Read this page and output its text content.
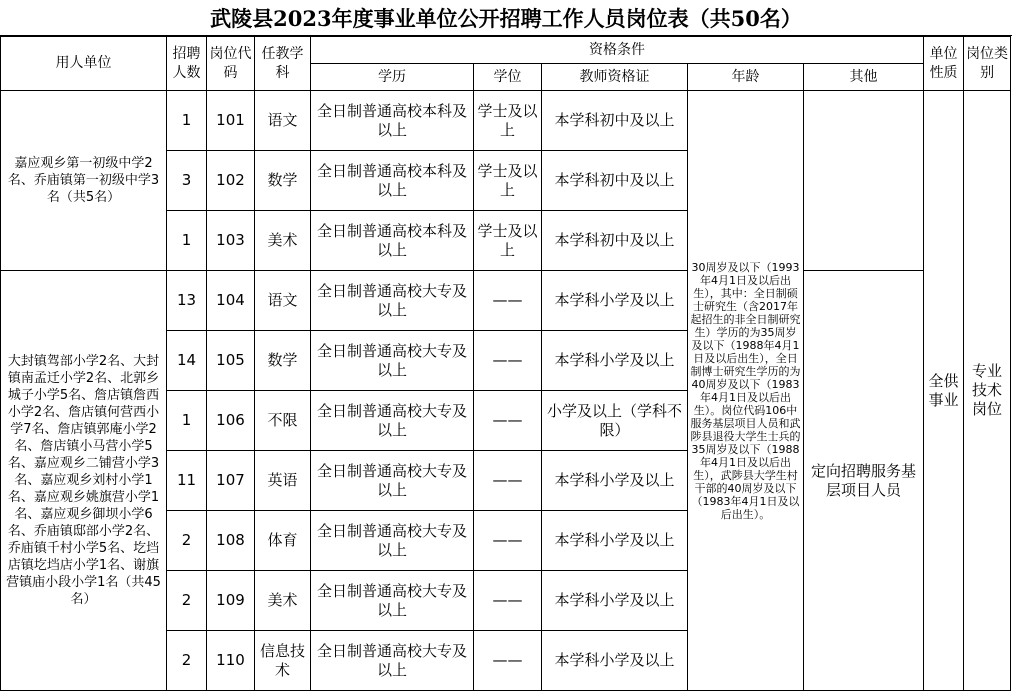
武陵县2023年度事业单位公开招聘工作人员岗位表（共50名）
用人单位	招聘人数	岗位代码	任教学科	资格条件					单位性质	岗位类别
				学历	学位	教师资格证	年龄	其他		
嘉应观乡第一初级中学2名、乔庙镇第一初级中学3名（共5名）	1	101	语文	全日制普通高校本科及以上	学士及以上	本学科初中及以上	30周岁及以下（1993年4月1日及以后出生），其中：全日制硕士研究生（含2017年起招生的非全日制研究生）学历的为35周岁及以下（1988年4月1日及以后出生），全日制博士研究生学历的为40周岁及以下（1983年4月1日及以后出生）。岗位代码106中服务基层项目人员和武陟县退役大学生士兵的35周岁及以下（1988年4月1日及以后出生），武陟县大学生村干部的40周岁及以下（1983年4月1日及以后出生）。		全供事业	专业技术岗位
	3	102	数学	全日制普通高校本科及以上	学士及以上	本学科初中及以上				
	1	103	美术	全日制普通高校本科及以上	学士及以上	本学科初中及以上				
大封镇驾部小学2名、大封镇南孟迁小学2名、北郭乡城子小学5名、詹店镇詹西小学2名、詹店镇何营西小学7名、詹店镇郭庵小学2名、詹店镇小马营小学5名、嘉应观乡二铺营小学3名、嘉应观乡刘村小学1名、嘉应观乡姚旗营小学1名、嘉应观乡御坝小学6名、乔庙镇邸部小学2名、乔庙镇千村小学5名、圪垱店镇圪垱店小学1名、谢旗营镇庙小段小学1名（共45名）	13	104	语文	全日制普通高校大专及以上	——	本学科小学及以上		定向招聘服务基层项目人员		
	14	105	数学	全日制普通高校大专及以上	——	本学科小学及以上				
	1	106	不限	全日制普通高校大专及以上	——	小学及以上（学科不限）				
	11	107	英语	全日制普通高校大专及以上	——	本学科小学及以上				
	2	108	体育	全日制普通高校大专及以上	——	本学科小学及以上				
	2	109	美术	全日制普通高校大专及以上	——	本学科小学及以上				
	2	110	信息技术	全日制普通高校大专及以上	——	本学科小学及以上				
